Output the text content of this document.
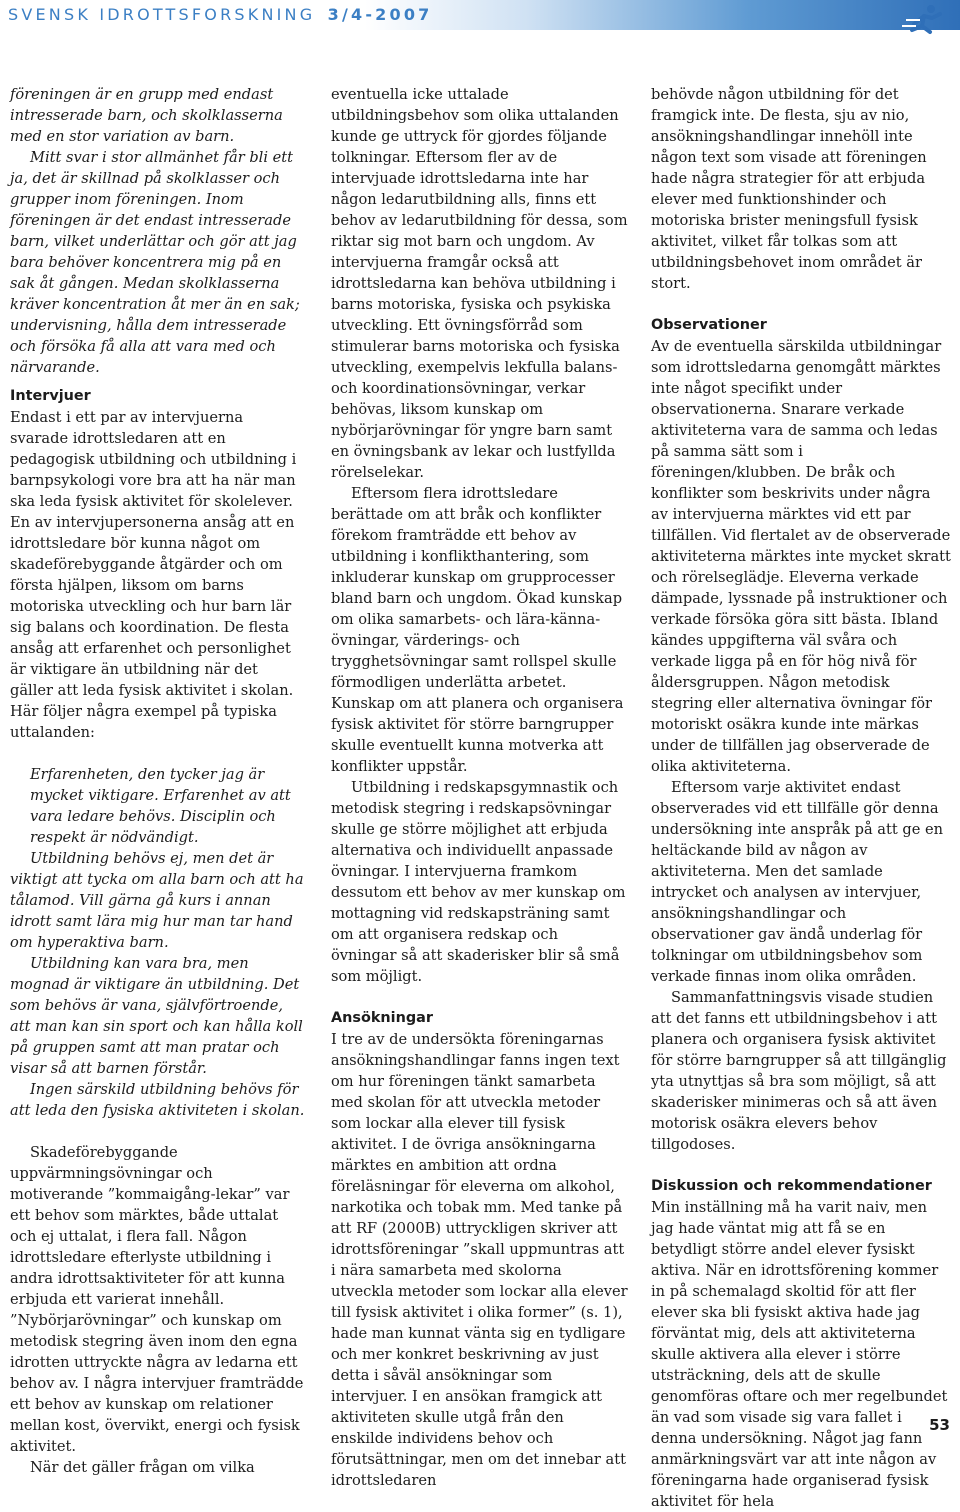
SVENSK IDROTTSFORSKNING 3/4-2007

föreningen är en grupp med endast intresserade barn, och skolklasserna med en stor variation av barn.

Mitt svar i stor allmänhet får bli ett ja, det är skillnad på skolklasser och grupper inom föreningen. Inom föreningen är det endast intresserade barn, vilket underlättar och gör att jag bara behöver koncentrera mig på en sak åt gången. Medan skolklasserna kräver koncentration åt mer än en sak; undervisning, hålla dem intresserade och försöka få alla att vara med och närvarande.

Intervjuer

Endast i ett par av intervjuerna svarade idrottsledaren att en pedagogisk utbildning och utbildning i barnpsykologi vore bra att ha när man ska leda fysisk aktivitet för skolelever. En av intervjupersonerna ansåg att en idrottsledare bör kunna något om skadeförebyggande åtgärder och om första hjälpen, liksom om barns motoriska utveckling och hur barn lär sig balans och koordination. De flesta ansåg att erfarenhet och personlighet är viktigare än utbildning när det gäller att leda fysisk aktivitet i skolan. Här följer några exempel på typiska uttalanden:

Erfarenheten, den tycker jag är mycket viktigare. Erfarenhet av att vara ledare behövs. Disciplin och respekt är nödvändigt.

Utbildning behövs ej, men det är viktigt att tycka om alla barn och att ha tålamod. Vill gärna gå kurs i annan idrott samt lära mig hur man tar hand om hyperaktiva barn.

Utbildning kan vara bra, men mognad är viktigare än utbildning. Det som behövs är vana, självförtroende, att man kan sin sport och kan hålla koll på gruppen samt att man pratar och visar så att barnen förstår.

Ingen särskild utbildning behövs för att leda den fysiska aktiviteten i skolan.

Skadeförebyggande uppvärmningsövningar och motiverande ”kommaigång-lekar” var ett behov som märktes, både uttalat och ej uttalat, i flera fall. Någon idrottsledare efterlyste utbildning i andra idrottsaktiviteter för att kunna erbjuda ett varierat innehåll. ”Nybörjarövningar” och kunskap om metodisk stegring även inom den egna idrotten uttryckte några av ledarna ett behov av. I några intervjuer framträdde ett behov av kunskap om relationer mellan kost, övervikt, energi och fysisk aktivitet.

När det gäller frågan om vilka

eventuella icke uttalade utbildningsbehov som olika uttalanden kunde ge uttryck för gjordes följande tolkningar. Eftersom fler av de intervjuade idrottsledarna inte har någon ledarutbildning alls, finns ett behov av ledarutbildning för dessa, som riktar sig mot barn och ungdom. Av intervjuerna framgår också att idrottsledarna kan behöva utbildning i barns motoriska, fysiska och psykiska utveckling. Ett övningsförråd som stimulerar barns motoriska och fysiska utveckling, exempelvis lekfulla balans- och koordinationsövningar, verkar behövas, liksom kunskap om nybörjarövningar för yngre barn samt en övningsbank av lekar och lustfyllda rörelselekar.

Eftersom flera idrottsledare berättade om att bråk och konflikter förekom framträdde ett behov av utbildning i konflikthantering, som inkluderar kunskap om grupprocesser bland barn och ungdom. Ökad kunskap om olika samarbets- och lära-känna-övningar, värderings- och trygghetsövningar samt rollspel skulle förmodligen underlätta arbetet. Kunskap om att planera och organisera fysisk aktivitet för större barngrupper skulle eventuellt kunna motverka att konflikter uppstår.

Utbildning i redskapsgymnastik och metodisk stegring i redskapsövningar skulle ge större möjlighet att erbjuda alternativa och individuellt anpassade övningar. I intervjuerna framkom dessutom ett behov av mer kunskap om mottagning vid redskapsträning samt om att organisera redskap och övningar så att skaderisker blir så små som möjligt.

Ansökningar

I tre av de undersökta föreningarnas ansökningshandlingar fanns ingen text om hur föreningen tänkt samarbeta med skolan för att utveckla metoder som lockar alla elever till fysisk aktivitet. I de övriga ansökningarna märktes en ambition att ordna föreläsningar för eleverna om alkohol, narkotika och tobak mm. Med tanke på att RF (2000B) uttryckligen skriver att idrottsföreningar ”skall uppmuntras att i nära samarbeta med skolorna utveckla metoder som lockar alla elever till fysisk aktivitet i olika former” (s. 1), hade man kunnat vänta sig en tydligare och mer konkret beskrivning av just detta i såväl ansökningar som intervjuer. I en ansökan framgick att aktiviteten skulle utgå från den enskilde individens behov och förutsättningar, men om det innebar att idrottsledaren

behövde någon utbildning för det framgick inte. De flesta, sju av nio, ansökningshandlingar innehöll inte någon text som visade att föreningen hade några strategier för att erbjuda elever med funktionshinder och motoriska brister meningsfull fysisk aktivitet, vilket får tolkas som att utbildningsbehovet inom området är stort.

Observationer

Av de eventuella särskilda utbildningar som idrottsledarna genomgått märktes inte något specifikt under observationerna. Snarare verkade aktiviteterna vara de samma och ledas på samma sätt som i föreningen/klubben. De bråk och konflikter som beskrivits under några av intervjuerna märktes vid ett par tillfällen. Vid flertalet av de observerade aktiviteterna märktes inte mycket skratt och rörelseglädje. Eleverna verkade dämpade, lyssnade på instruktioner och verkade försöka göra sitt bästa. Ibland kändes uppgifterna väl svåra och verkade ligga på en för hög nivå för åldersgruppen. Någon metodisk stegring eller alternativa övningar för motoriskt osäkra kunde inte märkas under de tillfällen jag observerade de olika aktiviteterna.

Eftersom varje aktivitet endast observerades vid ett tillfälle gör denna undersökning inte anspråk på att ge en heltäckande bild av någon av aktiviteterna. Men det samlade intrycket och analysen av intervjuer, ansökningshandlingar och observationer gav ändå underlag för tolkningar om utbildningsbehov som verkade finnas inom olika områden.

Sammanfattningsvis visade studien att det fanns ett utbildningsbehov i att planera och organisera fysisk aktivitet för större barngrupper så att tillgänglig yta utnyttjas så bra som möjligt, så att skaderisker minimeras och så att även motorisk osäkra elevers behov tillgodoses.

Diskussion och rekommendationer

Min inställning må ha varit naiv, men jag hade väntat mig att få se en betydligt större andel elever fysiskt aktiva. När en idrottsförening kommer in på schemalagd skoltid för att fler elever ska bli fysiskt aktiva hade jag förväntat mig, dels att aktiviteterna skulle aktivera alla elever i större utsträckning, dels att de skulle genomföras oftare och mer regelbundet än vad som visade sig vara fallet i denna undersökning. Något jag fann anmärkningsvärt var att inte någon av föreningarna hade organiserad fysisk aktivitet för hela

53
